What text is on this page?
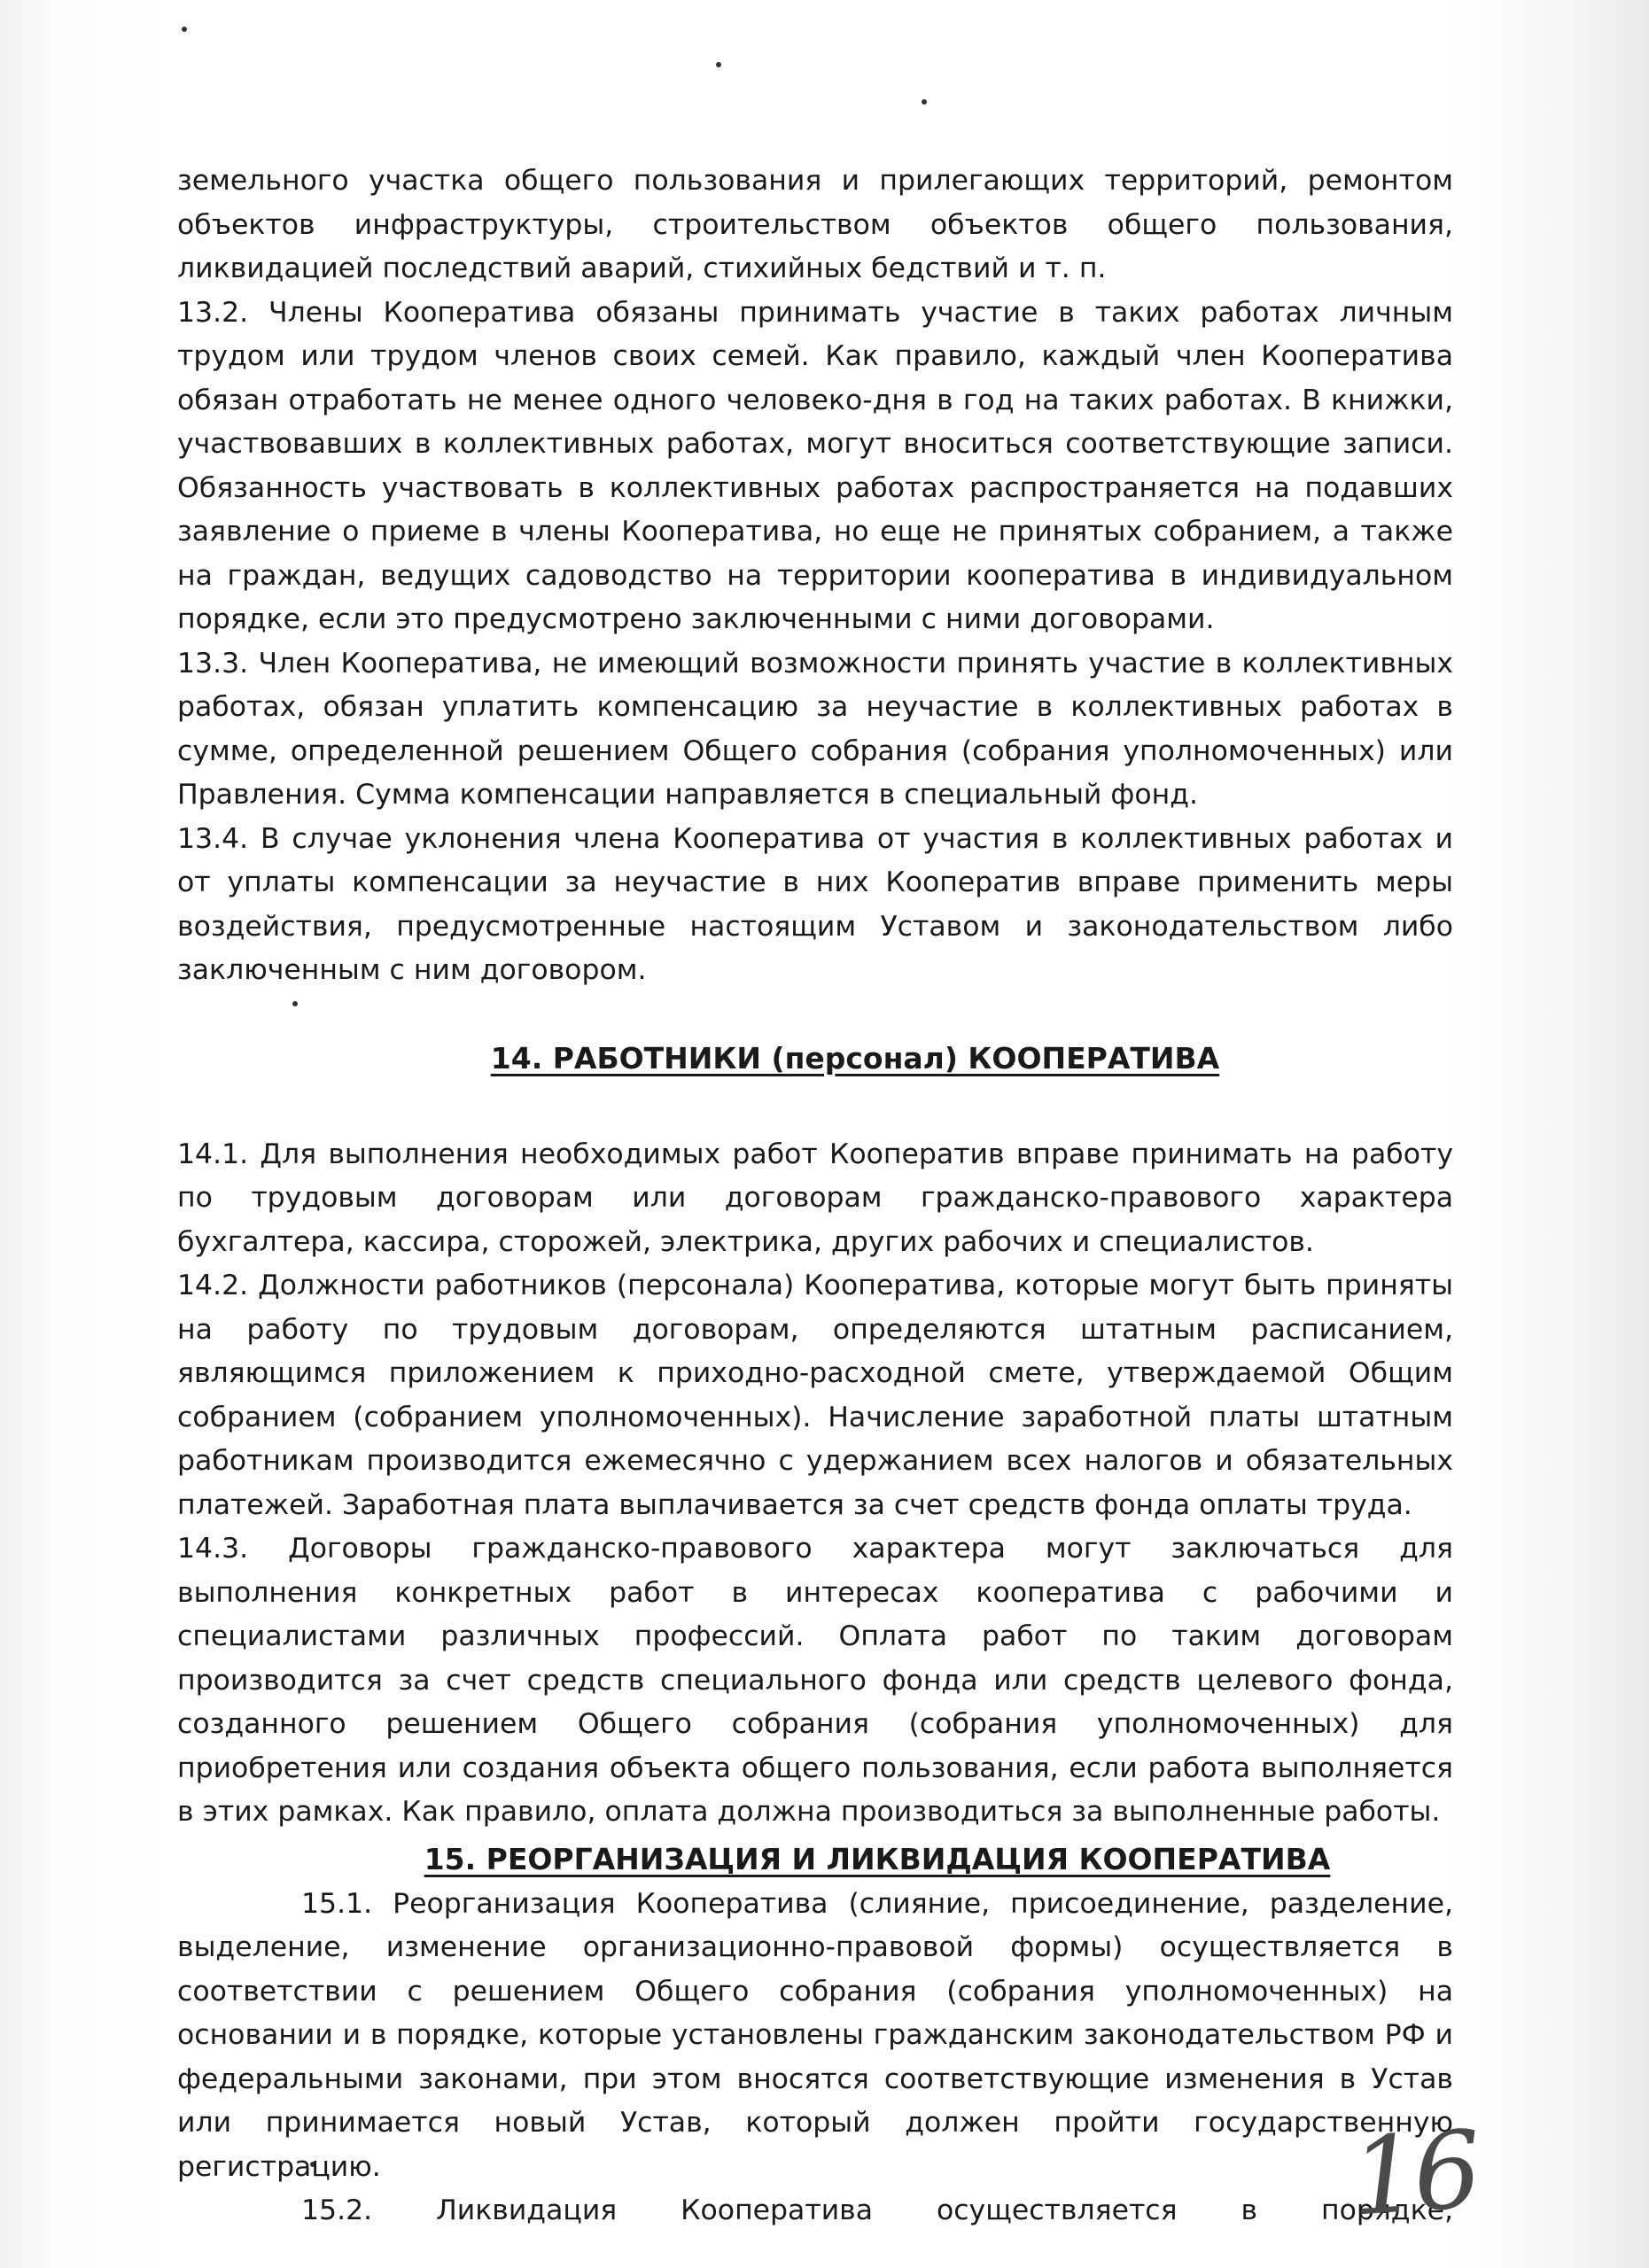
земельного участка общего пользования и прилегающих территорий, ремонтом объектов инфраструктуры, строительством объектов общего пользования, ликвидацией последствий аварий, стихийных бедствий и т. п.

13.2. Члены Кооператива обязаны принимать участие в таких работах личным трудом или трудом членов своих семей. Как правило, каждый член Кооператива обязан отработать не менее одного человеко-дня в год на таких работах. В книжки, участвовавших в коллективных работах, могут вноситься соответствующие записи. Обязанность участвовать в коллективных работах распространяется на подавших заявление о приеме в члены Кооператива, но еще не принятых собранием, а также на граждан, ведущих садоводство на территории кооператива в индивидуальном порядке, если это предусмотрено заключенными с ними договорами.

13.3. Член Кооператива, не имеющий возможности принять участие в коллективных работах, обязан уплатить компенсацию за неучастие в коллективных работах в сумме, определенной решением Общего собрания (собрания уполномоченных) или Правления. Сумма компенсации направляется в специальный фонд.

13.4. В случае уклонения члена Кооператива от участия в коллективных работах и от уплаты компенсации за неучастие в них Кооператив вправе применить меры воздействия, предусмотренные настоящим Уставом и законодательством либо заключенным с ним договором.

14. РАБОТНИКИ (персонал) КООПЕРАТИВА

14.1. Для выполнения необходимых работ Кооператив вправе принимать на работу по трудовым договорам или договорам гражданско-правового характера бухгалтера, кассира, сторожей, электрика, других рабочих и специалистов.

14.2. Должности работников (персонала) Кооператива, которые могут быть приняты на работу по трудовым договорам, определяются штатным расписанием, являющимся приложением к приходно-расходной смете, утверждаемой Общим собранием (собранием уполномоченных). Начисление заработной платы штатным работникам производится ежемесячно с удержанием всех налогов и обязательных платежей. Заработная плата выплачивается за счет средств фонда оплаты труда.

14.3. Договоры гражданско-правового характера могут заключаться для выполнения конкретных работ в интересах кооператива с рабочими и специалистами различных профессий. Оплата работ по таким договорам производится за счет средств специального фонда или средств целевого фонда, созданного решением Общего собрания (собрания уполномоченных) для приобретения или создания объекта общего пользования, если работа выполняется в этих рамках. Как правило, оплата должна производиться за выполненные работы.

15. РЕОРГАНИЗАЦИЯ И ЛИКВИДАЦИЯ КООПЕРАТИВА

15.1. Реорганизация Кооператива (слияние, присоединение, разделение, выделение, изменение организационно-правовой формы) осуществляется в соответствии с решением Общего собрания (собрания уполномоченных) на основании и в порядке, которые установлены гражданским законодательством РФ и федеральными законами, при этом вносятся соответствующие изменения в Устав или принимается новый Устав, который должен пройти государственную регистрацию.

15.2. Ликвидация Кооператива осуществляется в порядке,

16
